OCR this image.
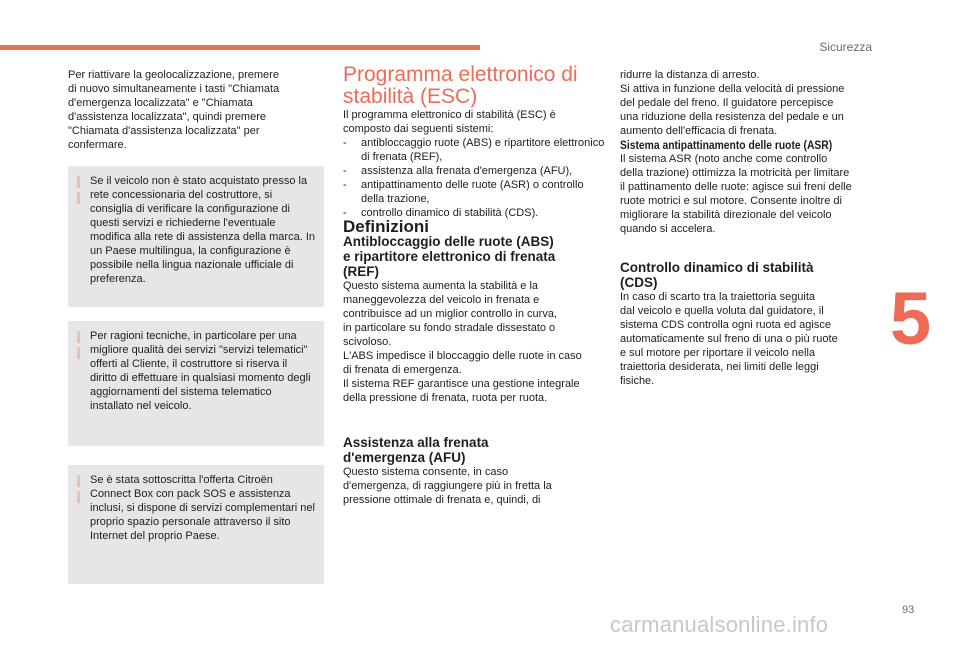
Sicurezza
5
93
carmanualsonline.info

Per riattivare la geolocalizzazione, premere
di nuovo simultaneamente i tasti "Chiamata
d'emergenza localizzata" e "Chiamata
d'assistenza localizzata", quindi premere
"Chiamata d'assistenza localizzata" per
confermare.

Se il veicolo non è stato acquistato presso la rete concessionaria del costruttore, si consiglia di verificare la configurazione di questi servizi e richiederne l'eventuale modifica alla rete di assistenza della marca. In un Paese multilingua, la configurazione è possibile nella lingua nazionale ufficiale di preferenza.

Per ragioni tecniche, in particolare per una migliore qualità dei servizi "servizi telematici" offerti al Cliente, il costruttore si riserva il diritto di effettuare in qualsiasi momento degli aggiornamenti del sistema telematico installato nel veicolo.

Se è stata sottoscritta l'offerta Citroën Connect Box con pack SOS e assistenza inclusi, si dispone di servizi complementari nel proprio spazio personale attraverso il sito Internet del proprio Paese.

Programma elettronico di
stabilità (ESC)

Il programma elettronico di stabilità (ESC) è
composto dai seguenti sistemi:

- antibloccaggio ruote (ABS) e ripartitore elettronico di frenata (REF),
- assistenza alla frenata d'emergenza (AFU),
- antipattinamento delle ruote (ASR) o controllo della trazione,
- controllo dinamico di stabilità (CDS).

Definizioni

Antibloccaggio delle ruote (ABS)
e ripartitore elettronico di frenata
(REF)

Questo sistema aumenta la stabilità e la
maneggevolezza del veicolo in frenata e
contribuisce ad un miglior controllo in curva,
in particolare su fondo stradale dissestato o
scivoloso.
L'ABS impedisce il bloccaggio delle ruote in caso
di frenata di emergenza.
Il sistema REF garantisce una gestione integrale
della pressione di frenata, ruota per ruota.

Assistenza alla frenata
d'emergenza (AFU)

Questo sistema consente, in caso
d'emergenza, di raggiungere più in fretta la
pressione ottimale di frenata e, quindi, di

ridurre la distanza di arresto.
Si attiva in funzione della velocità di pressione
del pedale del freno. Il guidatore percepisce
una riduzione della resistenza del pedale e un
aumento dell'efficacia di frenata.

Sistema antipattinamento delle ruote (ASR)

Il sistema ASR (noto anche come controllo
della trazione) ottimizza la motricità per limitare
il pattinamento delle ruote: agisce sui freni delle
ruote motrici e sul motore. Consente inoltre di
migliorare la stabilità direzionale del veicolo
quando si accelera.

Controllo dinamico di stabilità
(CDS)

In caso di scarto tra la traiettoria seguita
dal veicolo e quella voluta dal guidatore, il
sistema CDS controlla ogni ruota ed agisce
automaticamente sul freno di una o più ruote
e sul motore per riportare il veicolo nella
traiettoria desiderata, nei limiti delle leggi
fisiche.
